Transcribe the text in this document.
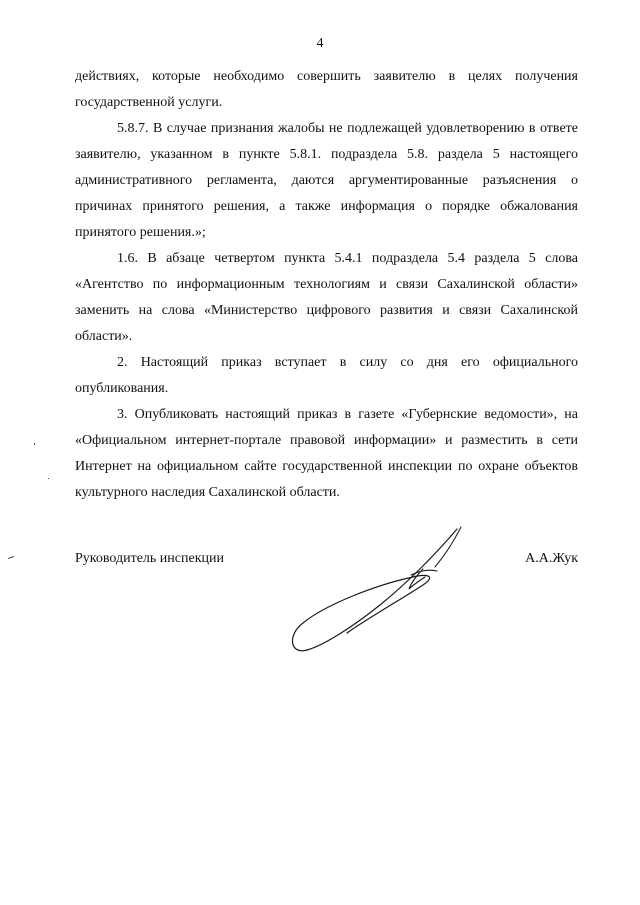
4

действиях, которые необходимо совершить заявителю в целях получения государственной услуги.

5.8.7. В случае признания жалобы не подлежащей удовлетворению в ответе заявителю, указанном в пункте 5.8.1. подраздела 5.8. раздела 5 настоящего административного регламента, даются аргументированные разъяснения о причинах принятого решения, а также информация о порядке обжалования принятого решения.»;

1.6. В абзаце четвертом пункта 5.4.1 подраздела 5.4 раздела 5 слова «Агентство по информационным технологиям и связи Сахалинской области» заменить на слова «Министерство цифрового развития и связи Сахалинской области».

2. Настоящий приказ вступает в силу со дня его официального опубликования.

3. Опубликовать настоящий приказ в газете «Губернские ведомости», на «Официальном интернет-портале правовой информации» и разместить в сети Интернет на официальном сайте государственной инспекции по охране объектов культурного наследия Сахалинской области.

Руководитель инспекции	А.А.Жук
